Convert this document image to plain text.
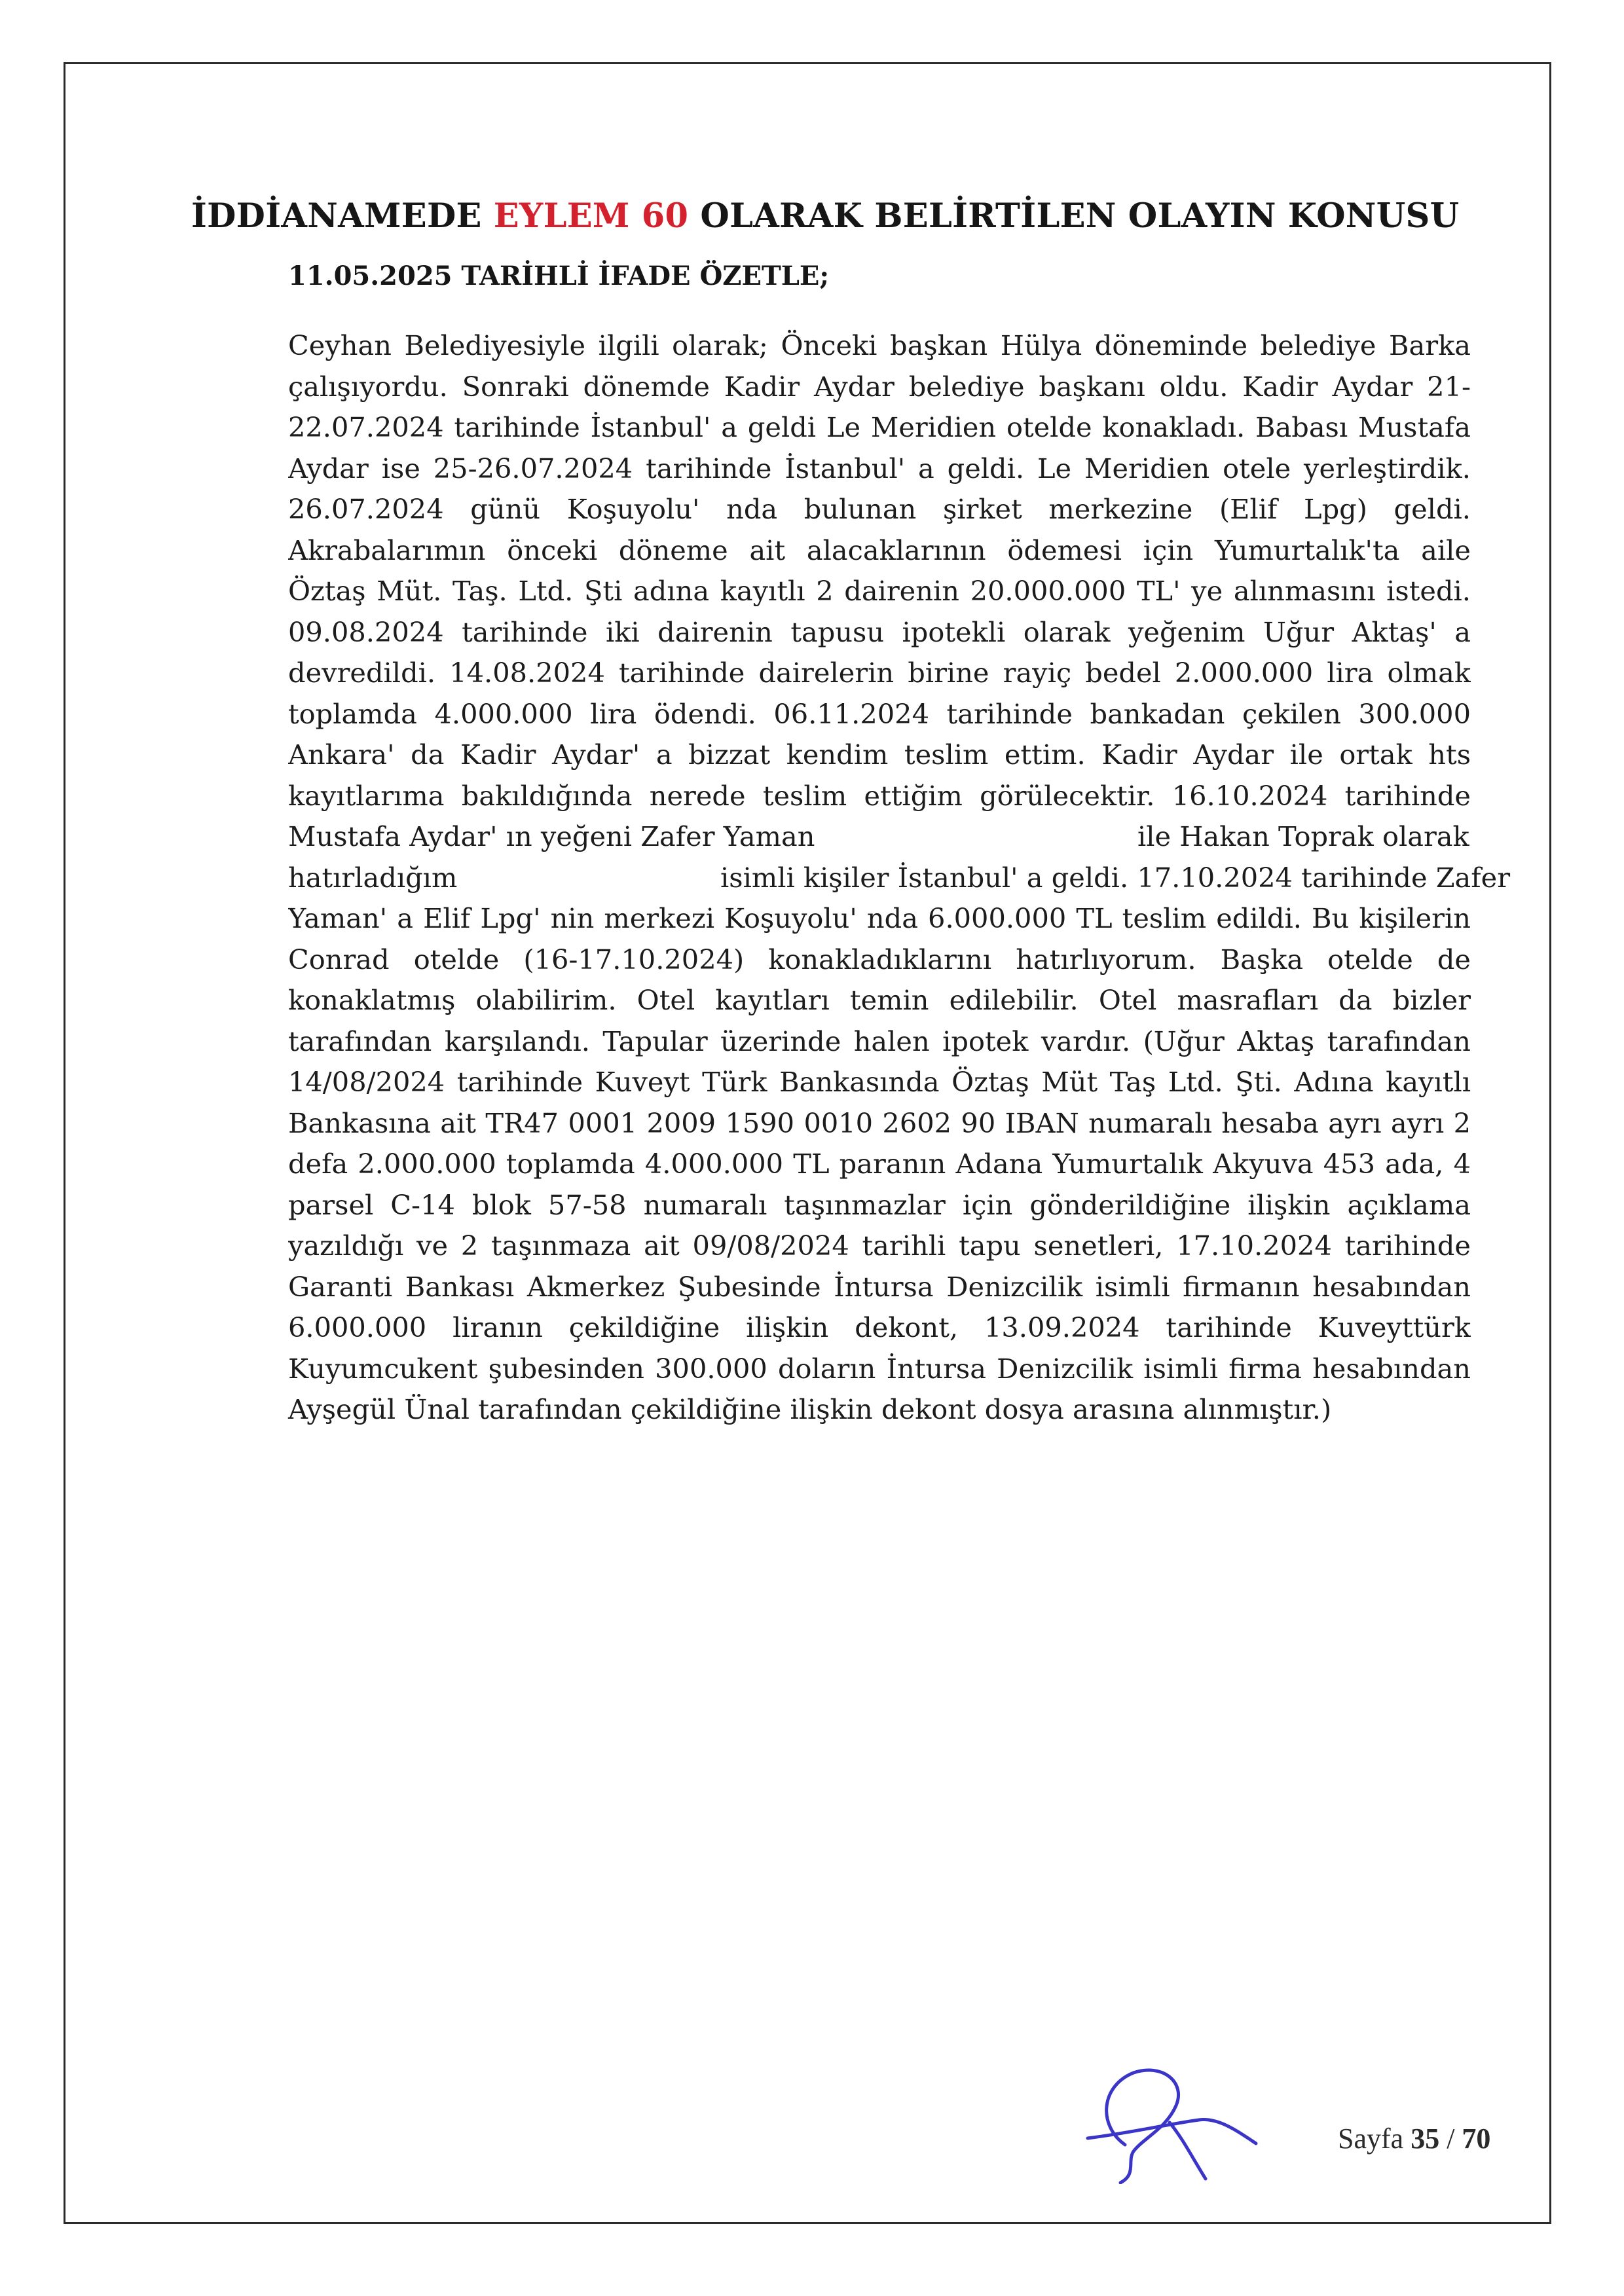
İDDİANAMEDE EYLEM 60 OLARAK BELİRTİLEN OLAYIN KONUSU
11.05.2025 TARİHLİ İFADE ÖZETLE;
Ceyhan Belediyesiyle ilgili olarak; Önceki başkan Hülya döneminde belediye Barka
çalışıyordu. Sonraki dönemde Kadir Aydar belediye başkanı oldu. Kadir Aydar 21-
22.07.2024 tarihinde İstanbul' a geldi Le Meridien otelde konakladı. Babası Mustafa
Aydar ise 25-26.07.2024 tarihinde İstanbul' a geldi. Le Meridien otele yerleştirdik.
26.07.2024 günü Koşuyolu' nda bulunan şirket merkezine (Elif Lpg) geldi.
Akrabalarımın önceki döneme ait alacaklarının ödemesi için Yumurtalık'ta aile
Öztaş Müt. Taş. Ltd. Şti adına kayıtlı 2 dairenin 20.000.000 TL' ye alınmasını istedi.
09.08.2024 tarihinde iki dairenin tapusu ipotekli olarak yeğenim Uğur Aktaş' a
devredildi. 14.08.2024 tarihinde dairelerin birine rayiç bedel 2.000.000 lira olmak
toplamda 4.000.000 lira ödendi. 06.11.2024 tarihinde bankadan çekilen 300.000
Ankara' da Kadir Aydar' a bizzat kendim teslim ettim. Kadir Aydar ile ortak hts
kayıtlarıma bakıldığında nerede teslim ettiğim görülecektir. 16.10.2024 tarihinde
Mustafa Aydar' ın yeğeni Zafer Yaman	ile Hakan Toprak olarak
hatırladığım	isimli kişiler İstanbul' a geldi. 17.10.2024 tarihinde Zafer
Yaman' a Elif Lpg' nin merkezi Koşuyolu' nda 6.000.000 TL teslim edildi. Bu kişilerin
Conrad otelde (16-17.10.2024) konakladıklarını hatırlıyorum. Başka otelde de
konaklatmış olabilirim. Otel kayıtları temin edilebilir. Otel masrafları da bizler
tarafından karşılandı. Tapular üzerinde halen ipotek vardır. (Uğur Aktaş tarafından
14/08/2024 tarihinde Kuveyt Türk Bankasında Öztaş Müt Taş Ltd. Şti. Adına kayıtlı
Bankasına ait TR47 0001 2009 1590 0010 2602 90 IBAN numaralı hesaba ayrı ayrı 2
defa 2.000.000 toplamda 4.000.000 TL paranın Adana Yumurtalık Akyuva 453 ada, 4
parsel C-14 blok 57-58 numaralı taşınmazlar için gönderildiğine ilişkin açıklama
yazıldığı ve 2 taşınmaza ait 09/08/2024 tarihli tapu senetleri, 17.10.2024 tarihinde
Garanti Bankası Akmerkez Şubesinde İntursa Denizcilik isimli firmanın hesabından
6.000.000 liranın çekildiğine ilişkin dekont, 13.09.2024 tarihinde Kuveyttürk
Kuyumcukent şubesinden 300.000 doların İntursa Denizcilik isimli firma hesabından
Ayşegül Ünal tarafından çekildiğine ilişkin dekont dosya arasına alınmıştır.)
Sayfa 35 / 70
